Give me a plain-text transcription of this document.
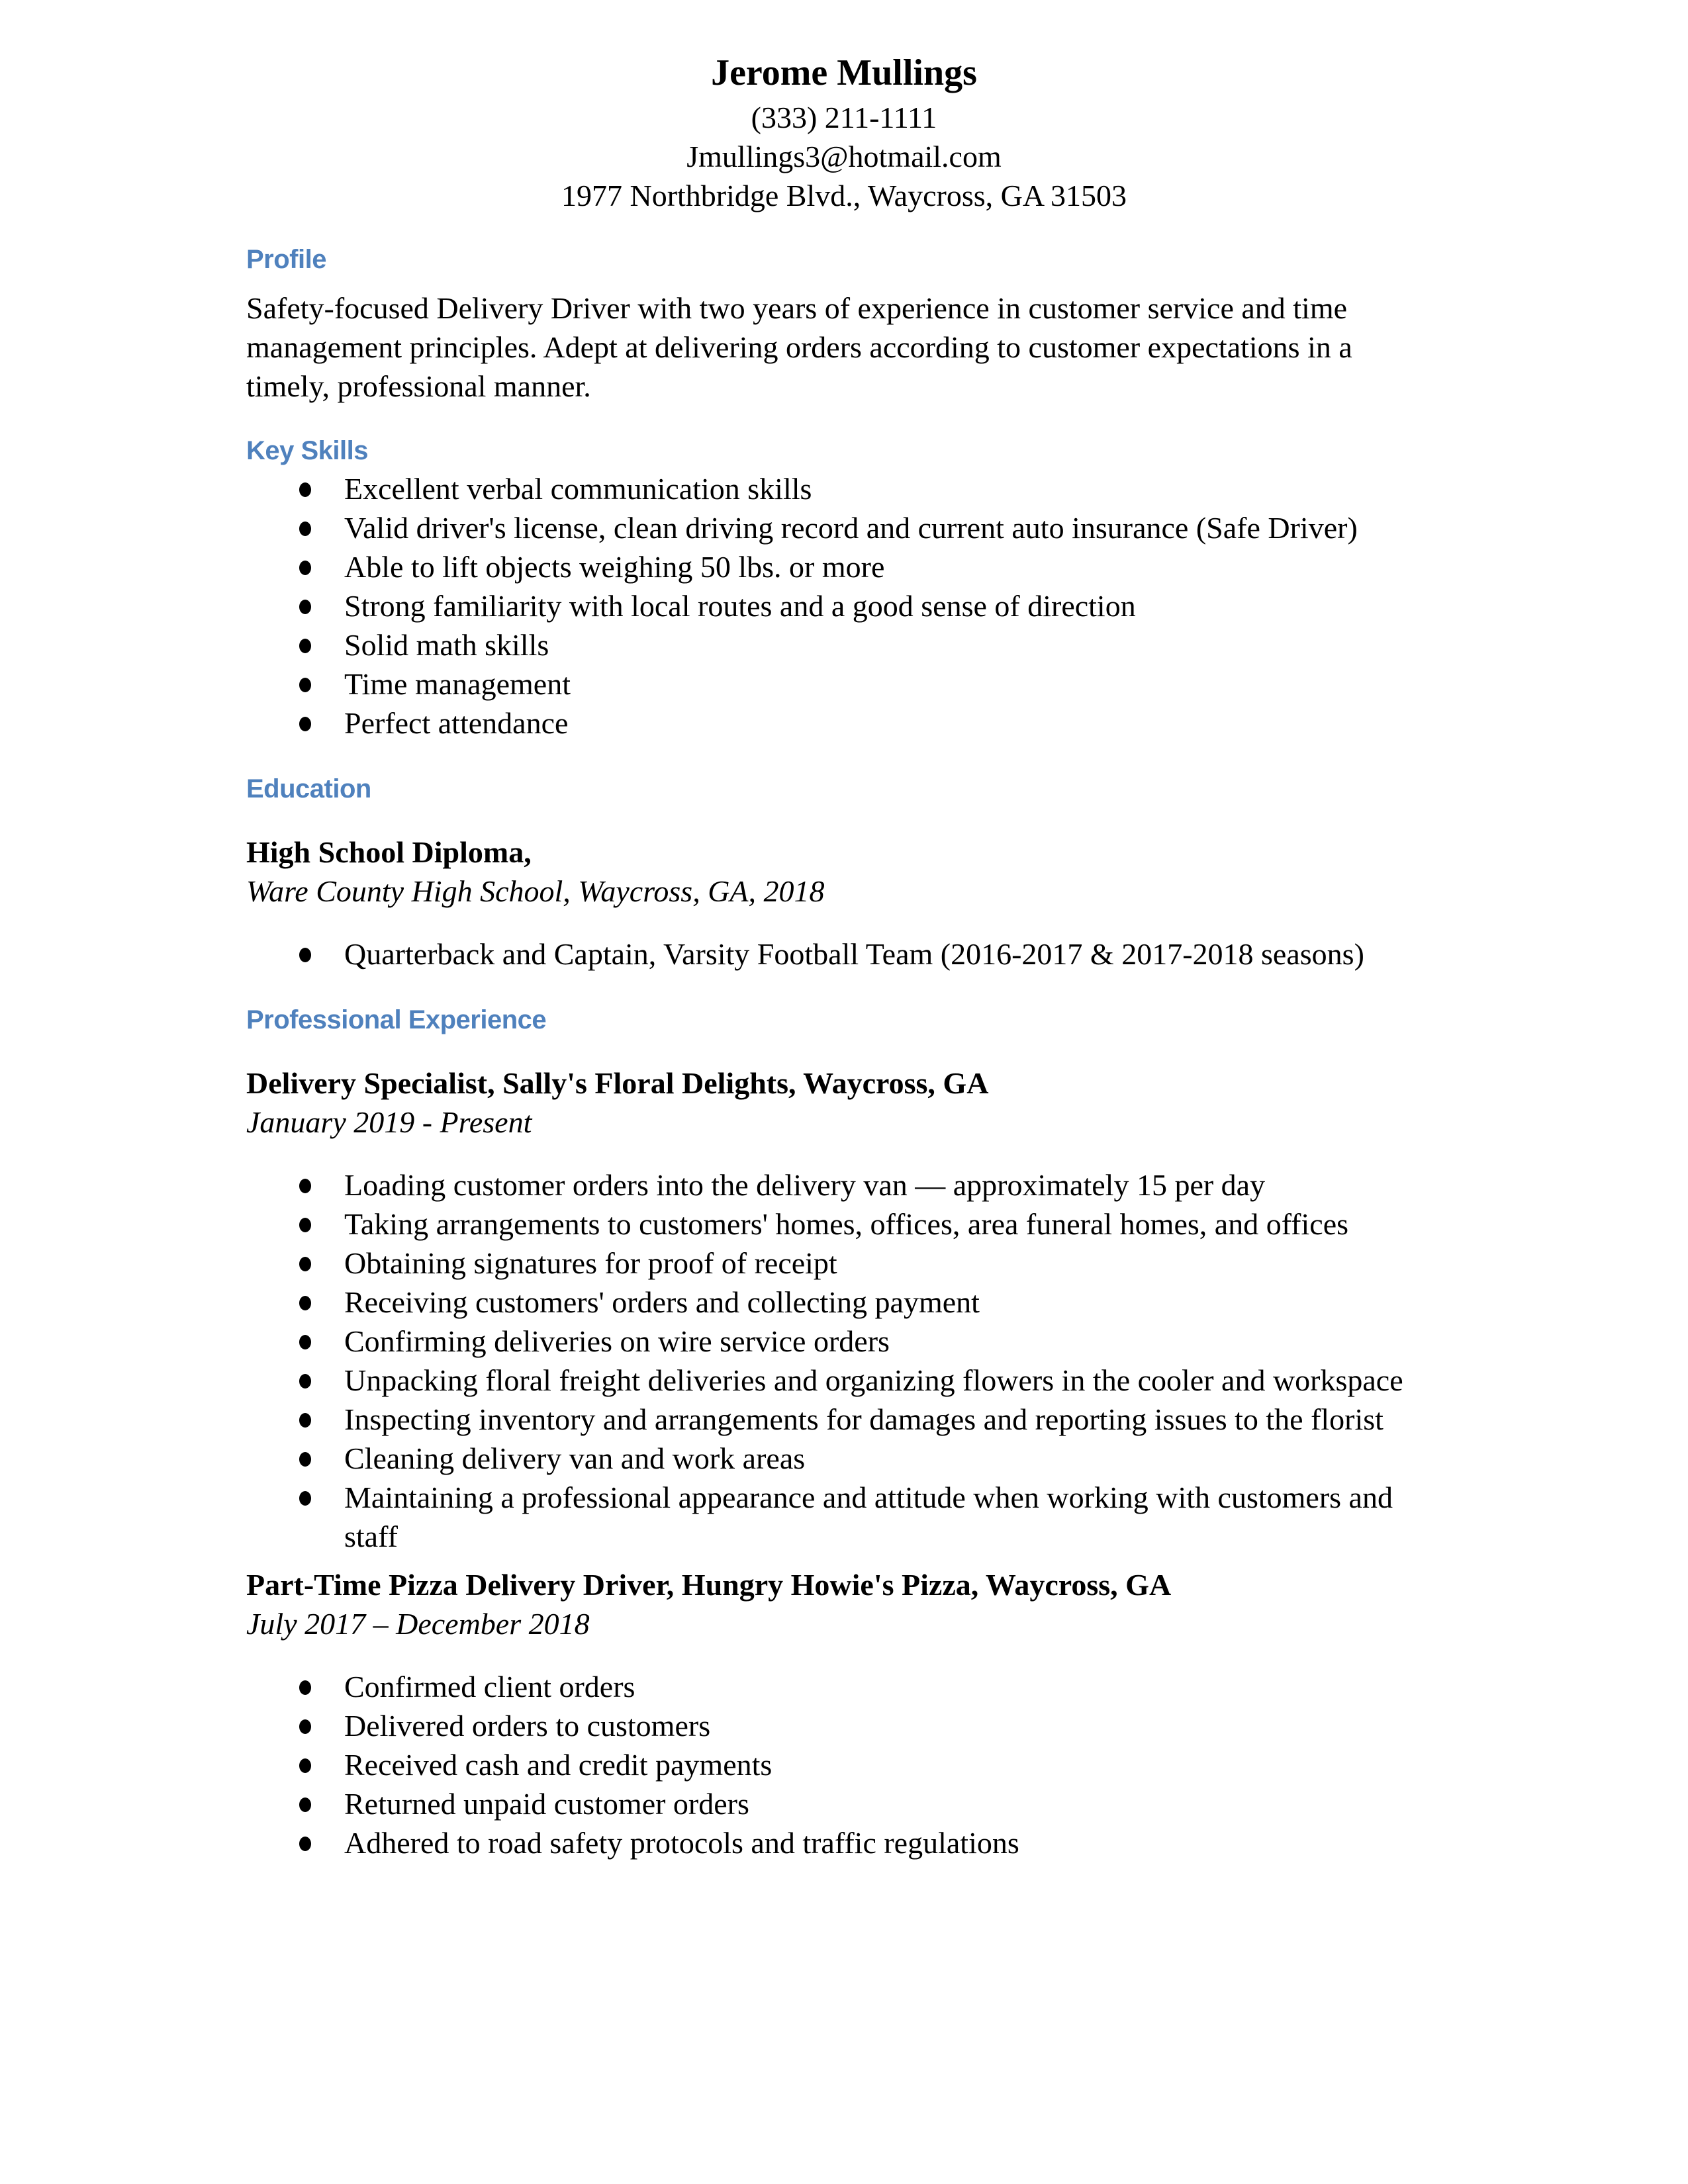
Jerome Mullings
(333) 211-1111
Jmullings3@hotmail.com
1977 Northbridge Blvd., Waycross, GA 31503
Profile
Safety-focused Delivery Driver with two years of experience in customer service and time management principles. Adept at delivering orders according to customer expectations in a timely, professional manner.
Key Skills
Excellent verbal communication skills
Valid driver's license, clean driving record and current auto insurance (Safe Driver)
Able to lift objects weighing 50 lbs. or more
Strong familiarity with local routes and a good sense of direction
Solid math skills
Time management
Perfect attendance
Education
High School Diploma,
Ware County High School, Waycross, GA, 2018
Quarterback and Captain, Varsity Football Team (2016-2017 & 2017-2018 seasons)
Professional Experience
Delivery Specialist, Sally's Floral Delights, Waycross, GA
January 2019 - Present
Loading customer orders into the delivery van — approximately 15 per day
Taking arrangements to customers' homes, offices, area funeral homes, and offices
Obtaining signatures for proof of receipt
Receiving customers' orders and collecting payment
Confirming deliveries on wire service orders
Unpacking floral freight deliveries and organizing flowers in the cooler and workspace
Inspecting inventory and arrangements for damages and reporting issues to the florist
Cleaning delivery van and work areas
Maintaining a professional appearance and attitude when working with customers and staff
Part-Time Pizza Delivery Driver, Hungry Howie's Pizza, Waycross, GA
July 2017 – December 2018
Confirmed client orders
Delivered orders to customers
Received cash and credit payments
Returned unpaid customer orders
Adhered to road safety protocols and traffic regulations
